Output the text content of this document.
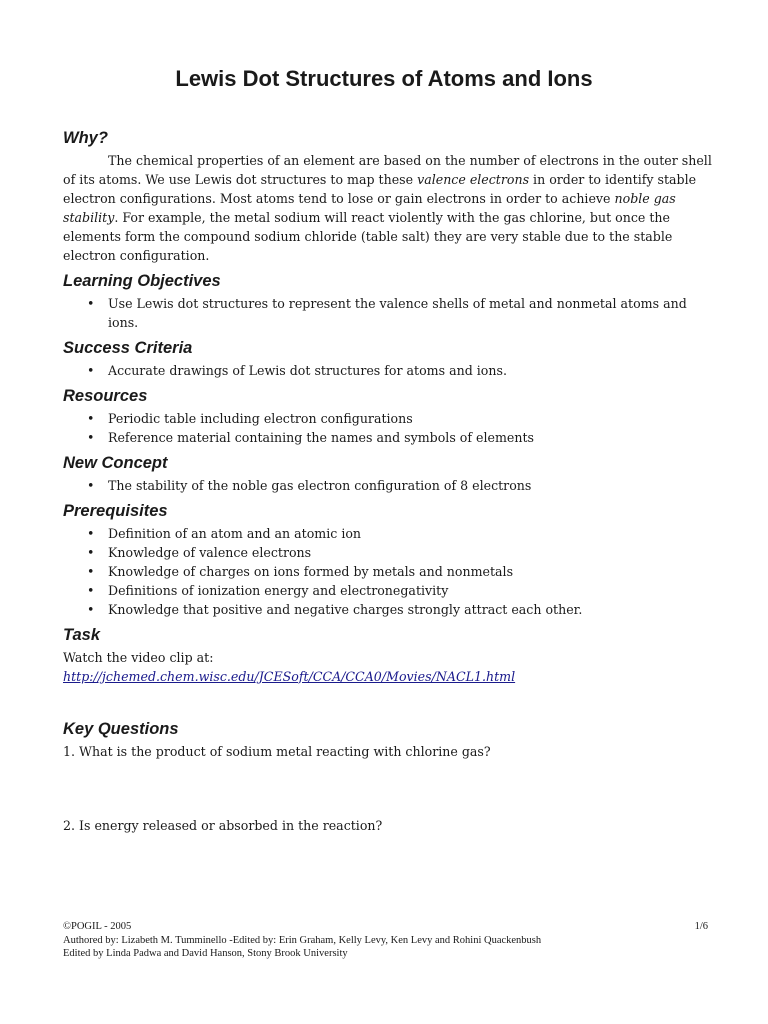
Lewis Dot Structures of Atoms and Ions
Why?

The chemical properties of an element are based on the number of electrons in the outer shell of its atoms. We use Lewis dot structures to map these valence electrons in order to identify stable electron configurations. Most atoms tend to lose or gain electrons in order to achieve noble gas stability. For example, the metal sodium will react violently with the gas chlorine, but once the elements form the compound sodium chloride (table salt) they are very stable due to the stable electron configuration.

Learning Objectives
• Use Lewis dot structures to represent the valence shells of metal and nonmetal atoms and ions.
Success Criteria
• Accurate drawings of Lewis dot structures for atoms and ions.
Resources
• Periodic table including electron configurations
• Reference material containing the names and symbols of elements
New Concept
• The stability of the noble gas electron configuration of 8 electrons
Prerequisites
• Definition of an atom and an atomic ion
• Knowledge of valence electrons
• Knowledge of charges on ions formed by metals and nonmetals
• Definitions of ionization energy and electronegativity
• Knowledge that positive and negative charges strongly attract each other.
Task

Watch the video clip at:

http://jchemed.chem.wisc.edu/JCESoft/CCA/CCA0/Movies/NACL1.html

Key Questions

1. What is the product of sodium metal reacting with chlorine gas?

2. Is energy released or absorbed in the reaction?

©POGIL - 2005	1/6
Authored by: Lizabeth M. Tumminello -Edited by: Erin Graham, Kelly Levy, Ken Levy and Rohini Quackenbush
Edited by Linda Padwa and David Hanson, Stony Brook University
